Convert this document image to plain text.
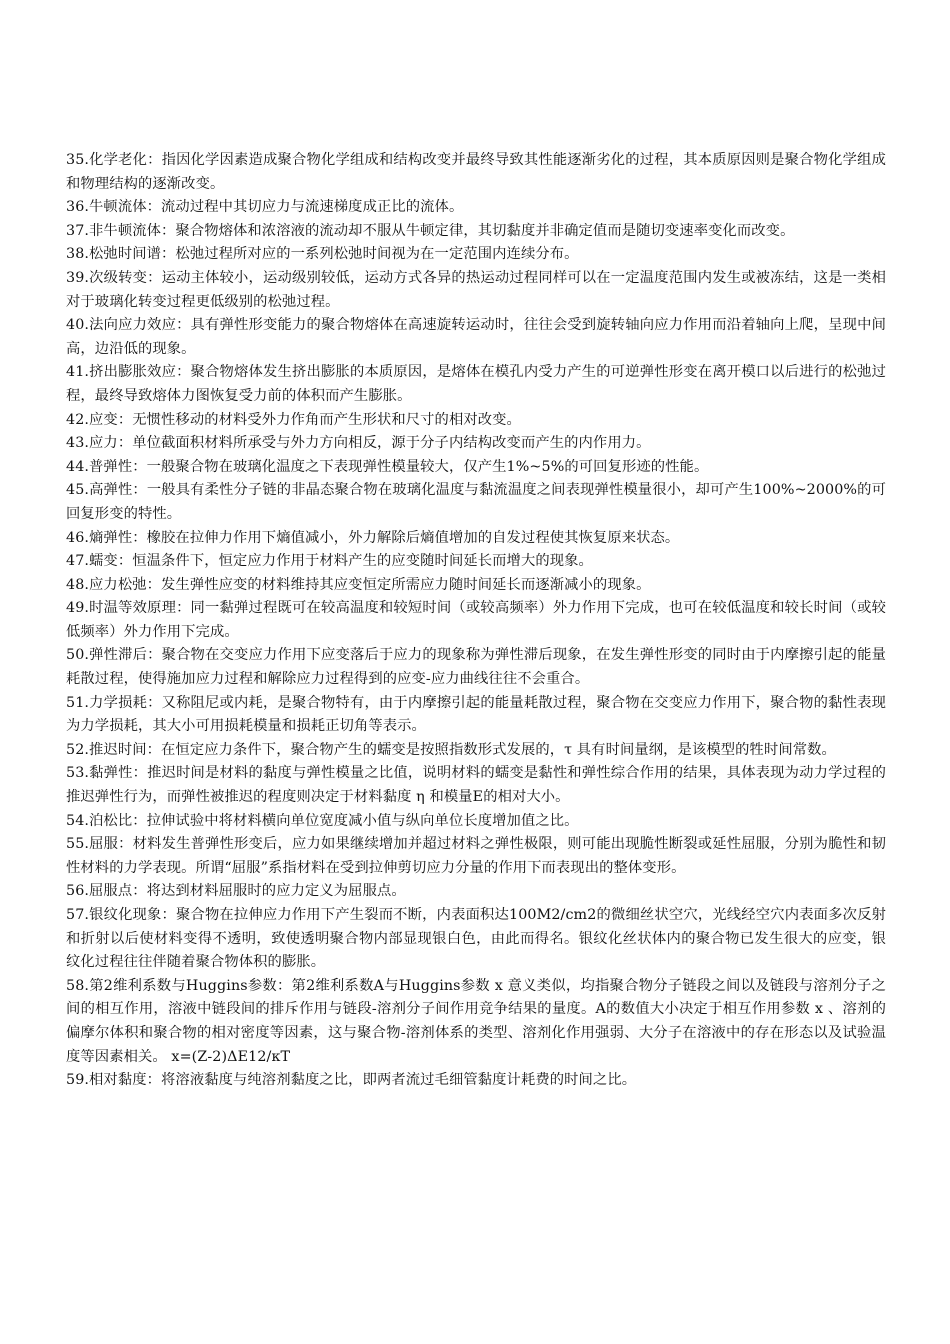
35.化学老化：指因化学因素造成聚合物化学组成和结构改变并最终导致其性能逐渐劣化的过程，其本质原因则是聚合物化学组成和物理结构的逐渐改变。

36.牛顿流体：流动过程中其切应力与流速梯度成正比的流体。

37.非牛顿流体：聚合物熔体和浓溶液的流动却不服从牛顿定律，其切黏度并非确定值而是随切变速率变化而改变。

38.松弛时间谱：松弛过程所对应的一系列松弛时间视为在一定范围内连续分布。

39.次级转变：运动主体较小，运动级别较低，运动方式各异的热运动过程同样可以在一定温度范围内发生或被冻结，这是一类相对于玻璃化转变过程更低级别的松弛过程。

40.法向应力效应：具有弹性形变能力的聚合物熔体在高速旋转运动时，往往会受到旋转轴向应力作用而沿着轴向上爬，呈现中间高，边沿低的现象。

41.挤出膨胀效应：聚合物熔体发生挤出膨胀的本质原因，是熔体在模孔内受力产生的可逆弹性形变在离开模口以后进行的松弛过程，最终导致熔体力图恢复受力前的体积而产生膨胀。

42.应变：无惯性移动的材料受外力作角而产生形状和尺寸的相对改变。

43.应力：单位截面积材料所承受与外力方向相反，源于分子内结构改变而产生的内作用力。

44.普弹性：一般聚合物在玻璃化温度之下表现弹性模量较大，仅产生1%~5%的可回复形迹的性能。

45.高弹性：一般具有柔性分子链的非晶态聚合物在玻璃化温度与黏流温度之间表现弹性模量很小，却可产生100%~2000%的可回复形变的特性。

46.熵弹性：橡胶在拉伸力作用下熵值减小，外力解除后熵值增加的自发过程使其恢复原来状态。

47.蠕变：恒温条件下，恒定应力作用于材料产生的应变随时间延长而增大的现象。

48.应力松弛：发生弹性应变的材料维持其应变恒定所需应力随时间延长而逐渐减小的现象。

49.时温等效原理：同一黏弹过程既可在较高温度和较短时间（或较高频率）外力作用下完成，也可在较低温度和较长时间（或较低频率）外力作用下完成。

50.弹性滞后：聚合物在交变应力作用下应变落后于应力的现象称为弹性滞后现象，在发生弹性形变的同时由于内摩擦引起的能量耗散过程，使得施加应力过程和解除应力过程得到的应变-应力曲线往往不会重合。

51.力学损耗：又称阻尼或内耗，是聚合物特有，由于内摩擦引起的能量耗散过程，聚合物在交变应力作用下，聚合物的黏性表现为力学损耗，其大小可用损耗模量和损耗正切角等表示。

52.推迟时间：在恒定应力条件下，聚合物产生的蠕变是按照指数形式发展的，τ 具有时间量纲，是该模型的牲时间常数。

53.黏弹性：推迟时间是材料的黏度与弹性模量之比值，说明材料的蠕变是黏性和弹性综合作用的结果，具体表现为动力学过程的推迟弹性行为，而弹性被推迟的程度则决定于材料黏度 η 和模量E的相对大小。

54.泊松比：拉伸试验中将材料横向单位宽度减小值与纵向单位长度增加值之比。

55.屈服：材料发生普弹性形变后，应力如果继续增加并超过材料之弹性极限，则可能出现脆性断裂或延性屈服，分别为脆性和韧性材料的力学表现。所谓“屈服”系指材料在受到拉伸剪切应力分量的作用下而表现出的整体变形。

56.屈服点：将达到材料屈服时的应力定义为屈服点。

57.银纹化现象：聚合物在拉伸应力作用下产生裂而不断，内表面积达100M2/cm2的微细丝状空穴，光线经空穴内表面多次反射和折射以后使材料变得不透明，致使透明聚合物内部显现银白色，由此而得名。银纹化丝状体内的聚合物已发生很大的应变，银纹化过程往往伴随着聚合物体积的膨胀。

58.第2维利系数与Huggins参数：第2维利系数A与Huggins参数 x 意义类似，均指聚合物分子链段之间以及链段与溶剂分子之间的相互作用，溶液中链段间的排斥作用与链段-溶剂分子间作用竞争结果的量度。A的数值大小决定于相互作用参数 x 、溶剂的偏摩尔体积和聚合物的相对密度等因素，这与聚合物-溶剂体系的类型、溶剂化作用强弱、大分子在溶液中的存在形态以及试验温度等因素相关。 x=(Z-2)ΔE12/κT

59.相对黏度：将溶液黏度与纯溶剂黏度之比，即两者流过毛细管黏度计耗费的时间之比。
